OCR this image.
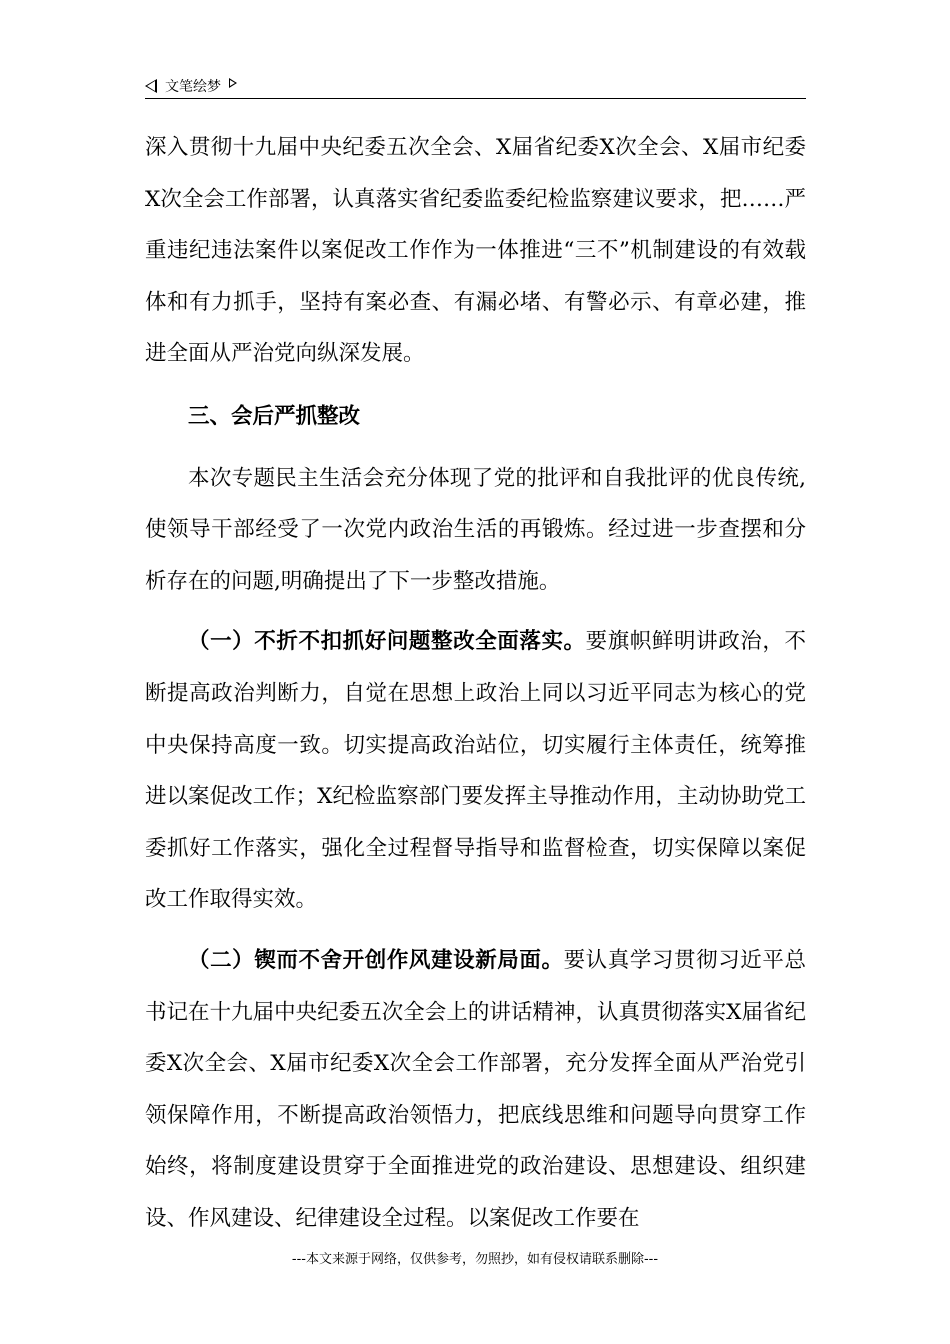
文笔绘梦

深入贯彻十九届中央纪委五次全会、X届省纪委X次全会、X届市纪委X次全会工作部署，认真落实省纪委监委纪检监察建议要求，把……严重违纪违法案件以案促改工作作为一体推进“三不”机制建设的有效载体和有力抓手，坚持有案必查、有漏必堵、有警必示、有章必建，推进全面从严治党向纵深发展。

三、会后严抓整改

本次专题民主生活会充分体现了党的批评和自我批评的优良传统,使领导干部经受了一次党内政治生活的再锻炼。经过进一步查摆和分析存在的问题,明确提出了下一步整改措施。

（一）不折不扣抓好问题整改全面落实。要旗帜鲜明讲政治，不断提高政治判断力，自觉在思想上政治上同以习近平同志为核心的党中央保持高度一致。切实提高政治站位，切实履行主体责任，统筹推进以案促改工作；X纪检监察部门要发挥主导推动作用，主动协助党工委抓好工作落实，强化全过程督导指导和监督检查，切实保障以案促改工作取得实效。

（二）锲而不舍开创作风建设新局面。要认真学习贯彻习近平总书记在十九届中央纪委五次全会上的讲话精神，认真贯彻落实X届省纪委X次全会、X届市纪委X次全会工作部署，充分发挥全面从严治党引领保障作用，不断提高政治领悟力，把底线思维和问题导向贯穿工作始终，将制度建设贯穿于全面推进党的政治建设、思想建设、组织建设、作风建设、纪律建设全过程。以案促改工作要在

---本文来源于网络，仅供参考，勿照抄，如有侵权请联系删除---
